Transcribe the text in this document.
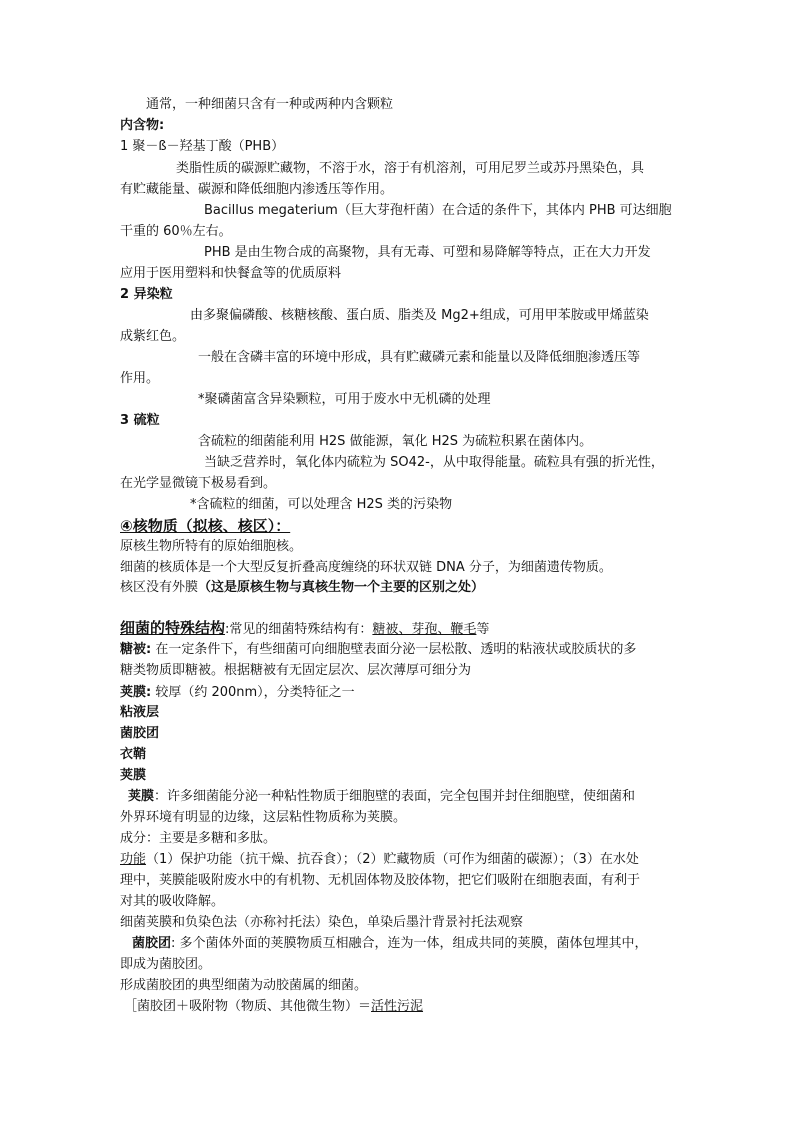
通常，一种细菌只含有一种或两种内含颗粒
内含物:
1 聚－ß－羟基丁酸（PHB）
类脂性质的碳源贮藏物，不溶于水，溶于有机溶剂，可用尼罗兰或苏丹黑染色，具
有贮藏能量、碳源和降低细胞内渗透压等作用。
Bacillus megaterium（巨大芽孢杆菌）在合适的条件下，其体内 PHB 可达细胞
干重的 60％左右。
PHB 是由生物合成的高聚物，具有无毒、可塑和易降解等特点，正在大力开发
应用于医用塑料和快餐盒等的优质原料
2 异染粒
由多聚偏磷酸、核糖核酸、蛋白质、脂类及 Mg2+组成，可用甲苯胺或甲烯蓝染
成紫红色。
一般在含磷丰富的环境中形成，具有贮藏磷元素和能量以及降低细胞渗透压等
作用。
*聚磷菌富含异染颗粒，可用于废水中无机磷的处理
3 硫粒
含硫粒的细菌能利用 H2S 做能源，氧化 H2S 为硫粒积累在菌体内。
当缺乏营养时，氧化体内硫粒为 SO42-，从中取得能量。硫粒具有强的折光性，
在光学显微镜下极易看到。
*含硫粒的细菌，可以处理含 H2S 类的污染物
④核物质（拟核、核区）：
原核生物所特有的原始细胞核。
细菌的核质体是一个大型反复折叠高度缠绕的环状双链 DNA 分子，为细菌遗传物质。
核区没有外膜（这是原核生物与真核生物一个主要的区别之处）
细菌的特殊结构:常见的细菌特殊结构有：糖被、芽孢、鞭毛等
糖被: 在一定条件下，有些细菌可向细胞壁表面分泌一层松散、透明的粘液状或胶质状的多
糖类物质即糖被。根据糖被有无固定层次、层次薄厚可细分为
荚膜: 较厚（约 200nm），分类特征之一
粘液层
菌胶团
衣鞘
荚膜
荚膜：许多细菌能分泌一种粘性物质于细胞壁的表面，完全包围并封住细胞壁，使细菌和
外界环境有明显的边缘，这层粘性物质称为荚膜。
成分：主要是多糖和多肽。
功能（1）保护功能（抗干燥、抗吞食）；（2）贮藏物质（可作为细菌的碳源）；（3）在水处
理中，荚膜能吸附废水中的有机物、无机固体物及胶体物，把它们吸附在细胞表面，有利于
对其的吸收降解。
细菌荚膜和负染色法（亦称衬托法）染色，单染后墨汁背景衬托法观察
菌胶团: 多个菌体外面的荚膜物质互相融合，连为一体，组成共同的荚膜，菌体包埋其中，
即成为菌胶团。
形成菌胶团的典型细菌为动胶菌属的细菌。
［菌胶团＋吸附物（物质、其他微生物）＝活性污泥
